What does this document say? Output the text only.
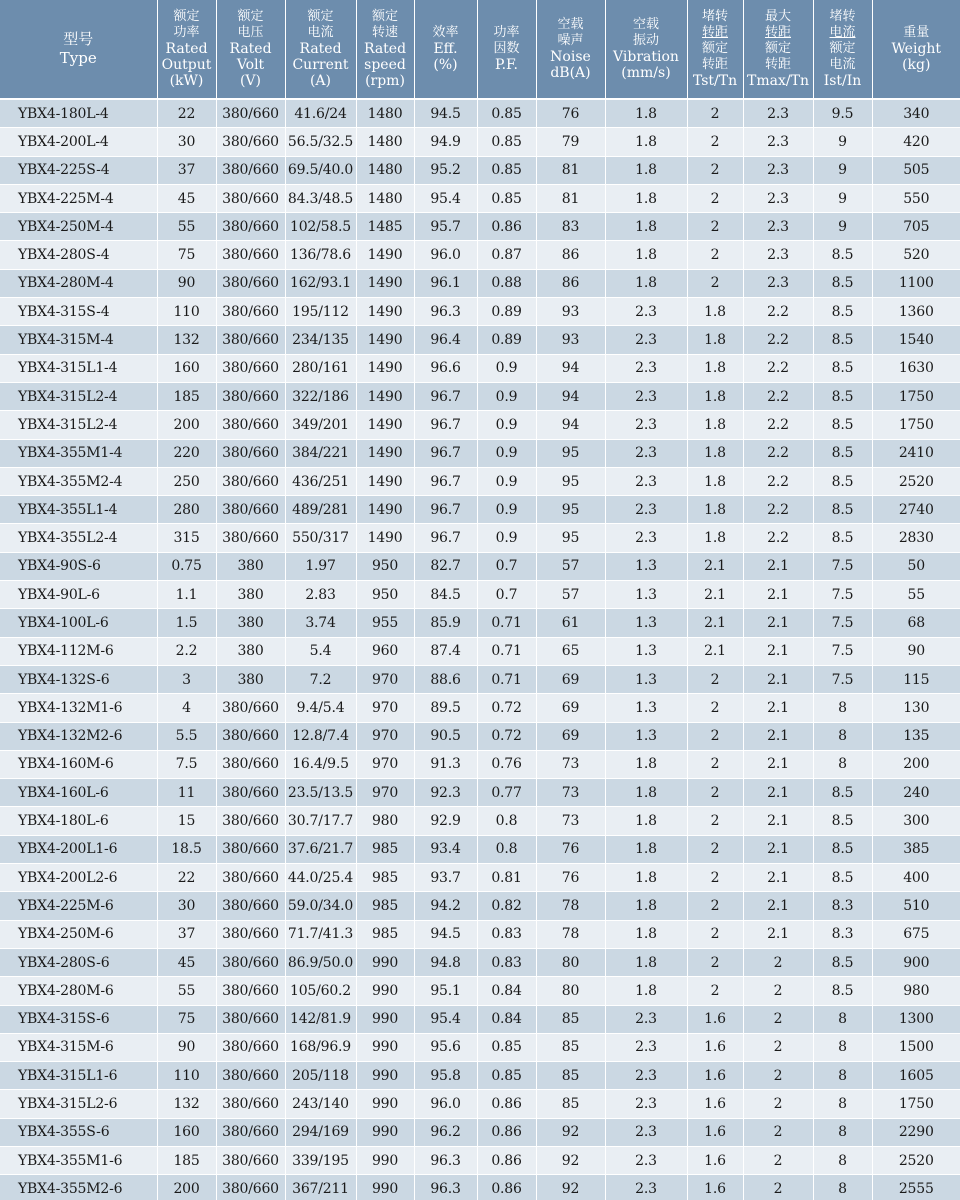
型号
Type	额定
功率
Rated
Output
(kW)	额定
电压
Rated
Volt
(V)	额定
电流
Rated
Current
(A)	额定
转速
Rated
speed
(rpm)	效率
Eff.
(%)	功率
因数
P.F.	空载
噪声
Noise
dB(A)	空载
振动
Vibration
(mm/s)	堵转
转距
额定
转距
Tst/Tn	最大
转距
额定
转距
Tmax/Tn	堵转
电流
额定
电流
Ist/In	重量
Weight
(kg)

YBX4-180L-4	22	380/660	41.6/24	1480	94.5	0.85	76	1.8	2	2.3	9.5	340
YBX4-200L-4	30	380/660	56.5/32.5	1480	94.9	0.85	79	1.8	2	2.3	9	420
YBX4-225S-4	37	380/660	69.5/40.0	1480	95.2	0.85	81	1.8	2	2.3	9	505
YBX4-225M-4	45	380/660	84.3/48.5	1480	95.4	0.85	81	1.8	2	2.3	9	550
YBX4-250M-4	55	380/660	102/58.5	1485	95.7	0.86	83	1.8	2	2.3	9	705
YBX4-280S-4	75	380/660	136/78.6	1490	96.0	0.87	86	1.8	2	2.3	8.5	520
YBX4-280M-4	90	380/660	162/93.1	1490	96.1	0.88	86	1.8	2	2.3	8.5	1100
YBX4-315S-4	110	380/660	195/112	1490	96.3	0.89	93	2.3	1.8	2.2	8.5	1360
YBX4-315M-4	132	380/660	234/135	1490	96.4	0.89	93	2.3	1.8	2.2	8.5	1540
YBX4-315L1-4	160	380/660	280/161	1490	96.6	0.9	94	2.3	1.8	2.2	8.5	1630
YBX4-315L2-4	185	380/660	322/186	1490	96.7	0.9	94	2.3	1.8	2.2	8.5	1750
YBX4-315L2-4	200	380/660	349/201	1490	96.7	0.9	94	2.3	1.8	2.2	8.5	1750
YBX4-355M1-4	220	380/660	384/221	1490	96.7	0.9	95	2.3	1.8	2.2	8.5	2410
YBX4-355M2-4	250	380/660	436/251	1490	96.7	0.9	95	2.3	1.8	2.2	8.5	2520
YBX4-355L1-4	280	380/660	489/281	1490	96.7	0.9	95	2.3	1.8	2.2	8.5	2740
YBX4-355L2-4	315	380/660	550/317	1490	96.7	0.9	95	2.3	1.8	2.2	8.5	2830
YBX4-90S-6	0.75	380	1.97	950	82.7	0.7	57	1.3	2.1	2.1	7.5	50
YBX4-90L-6	1.1	380	2.83	950	84.5	0.7	57	1.3	2.1	2.1	7.5	55
YBX4-100L-6	1.5	380	3.74	955	85.9	0.71	61	1.3	2.1	2.1	7.5	68
YBX4-112M-6	2.2	380	5.4	960	87.4	0.71	65	1.3	2.1	2.1	7.5	90
YBX4-132S-6	3	380	7.2	970	88.6	0.71	69	1.3	2	2.1	7.5	115
YBX4-132M1-6	4	380/660	9.4/5.4	970	89.5	0.72	69	1.3	2	2.1	8	130
YBX4-132M2-6	5.5	380/660	12.8/7.4	970	90.5	0.72	69	1.3	2	2.1	8	135
YBX4-160M-6	7.5	380/660	16.4/9.5	970	91.3	0.76	73	1.8	2	2.1	8	200
YBX4-160L-6	11	380/660	23.5/13.5	970	92.3	0.77	73	1.8	2	2.1	8.5	240
YBX4-180L-6	15	380/660	30.7/17.7	980	92.9	0.8	73	1.8	2	2.1	8.5	300
YBX4-200L1-6	18.5	380/660	37.6/21.7	985	93.4	0.8	76	1.8	2	2.1	8.5	385
YBX4-200L2-6	22	380/660	44.0/25.4	985	93.7	0.81	76	1.8	2	2.1	8.5	400
YBX4-225M-6	30	380/660	59.0/34.0	985	94.2	0.82	78	1.8	2	2.1	8.3	510
YBX4-250M-6	37	380/660	71.7/41.3	985	94.5	0.83	78	1.8	2	2.1	8.3	675
YBX4-280S-6	45	380/660	86.9/50.0	990	94.8	0.83	80	1.8	2	2	8.5	900
YBX4-280M-6	55	380/660	105/60.2	990	95.1	0.84	80	1.8	2	2	8.5	980
YBX4-315S-6	75	380/660	142/81.9	990	95.4	0.84	85	2.3	1.6	2	8	1300
YBX4-315M-6	90	380/660	168/96.9	990	95.6	0.85	85	2.3	1.6	2	8	1500
YBX4-315L1-6	110	380/660	205/118	990	95.8	0.85	85	2.3	1.6	2	8	1605
YBX4-315L2-6	132	380/660	243/140	990	96.0	0.86	85	2.3	1.6	2	8	1750
YBX4-355S-6	160	380/660	294/169	990	96.2	0.86	92	2.3	1.6	2	8	2290
YBX4-355M1-6	185	380/660	339/195	990	96.3	0.86	92	2.3	1.6	2	8	2520
YBX4-355M2-6	200	380/660	367/211	990	96.3	0.86	92	2.3	1.6	2	8	2555
